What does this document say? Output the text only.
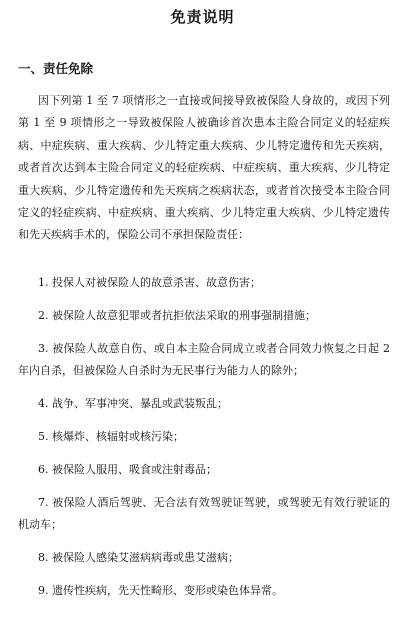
免责说明
一、责任免除

因下列第 1 至 7 项情形之一直接或间接导致被保险人身故的，或因下列第 1 至 9 项情形之一导致被保险人被确诊首次患本主险合同定义的轻症疾病、中症疾病、重大疾病、少儿特定重大疾病、少儿特定遗传和先天疾病，或者首次达到本主险合同定义的轻症疾病、中症疾病、重大疾病、少儿特定重大疾病、少儿特定遗传和先天疾病之疾病状态，或者首次接受本主险合同定义的轻症疾病、中症疾病、重大疾病、少儿特定重大疾病、少儿特定遗传和先天疾病手术的，保险公司不承担保险责任：

1. 投保人对被保险人的故意杀害、故意伤害；
2. 被保险人故意犯罪或者抗拒依法采取的刑事强制措施；
3. 被保险人故意自伤、或自本主险合同成立或者合同效力恢复之日起 2 年内自杀，但被保险人自杀时为无民事行为能力人的除外；
4. 战争、军事冲突、暴乱或武装叛乱；
5. 核爆炸、核辐射或核污染；
6. 被保险人服用、吸食或注射毒品；
7. 被保险人酒后驾驶、无合法有效驾驶证驾驶，或驾驶无有效行驶证的机动车；
8. 被保险人感染艾滋病病毒或患艾滋病；
9. 遗传性疾病，先天性畸形、变形或染色体异常。
